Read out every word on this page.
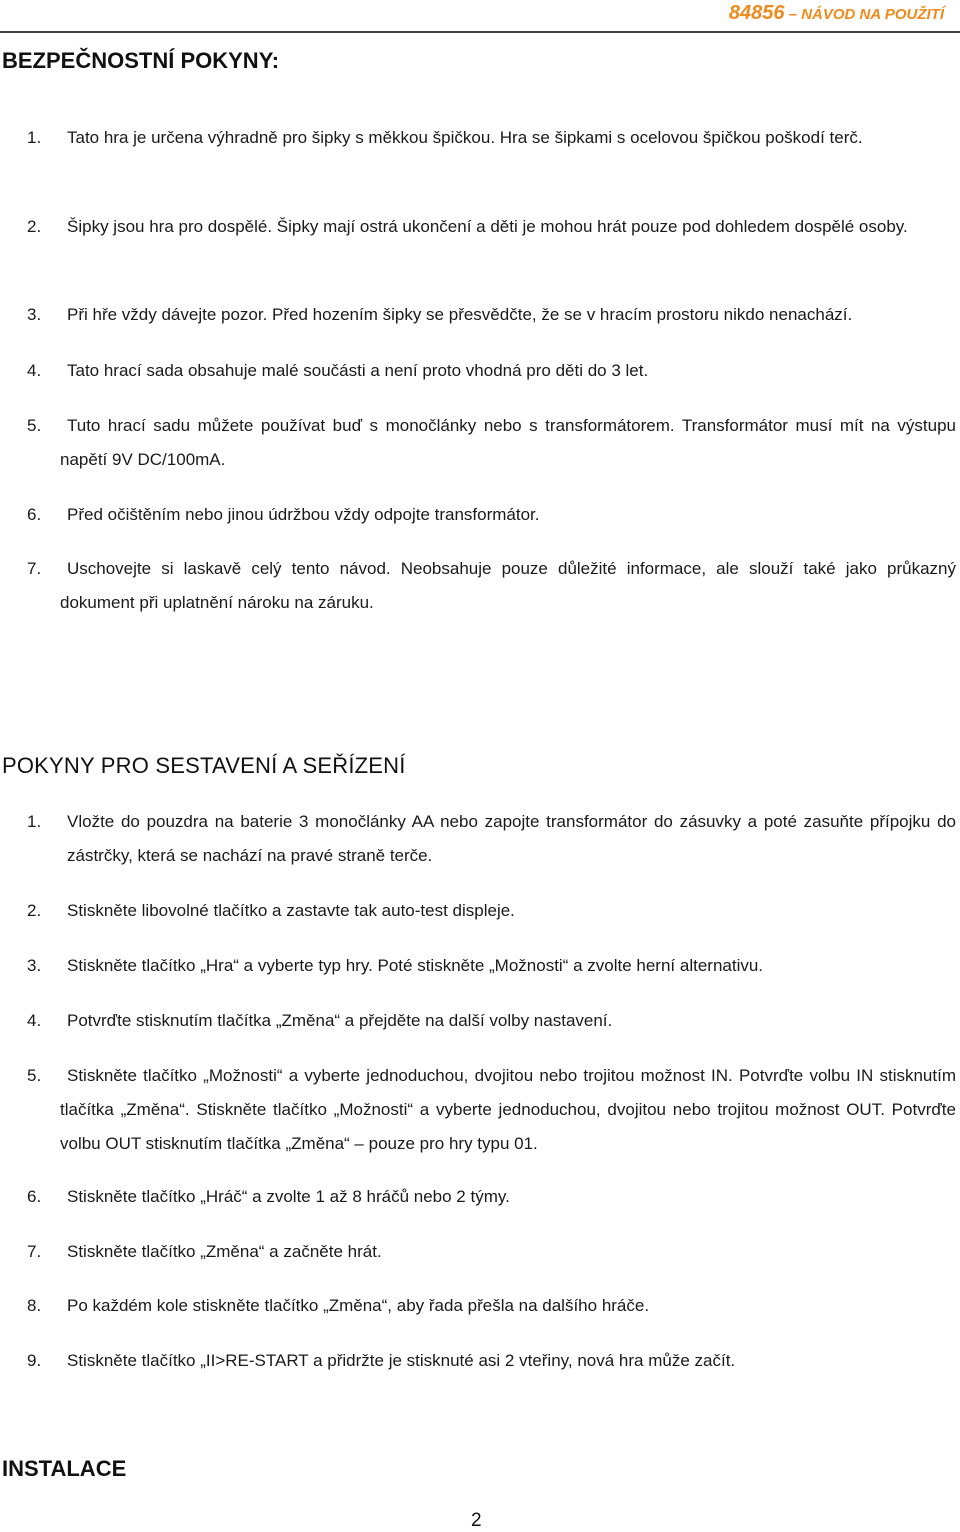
84856 – NÁVOD NA POUŽITÍ
BEZPEČNOSTNÍ POKYNY:
1.	Tato hra je určena výhradně pro šipky s měkkou špičkou. Hra se šipkami s ocelovou špičkou poškodí terč.
2.	Šipky jsou hra pro dospělé. Šipky mají ostrá ukončení a děti je mohou hrát pouze pod dohledem dospělé osoby.
3.	Při hře vždy dávejte pozor. Před hozením šipky se přesvědčte, že se v hracím prostoru nikdo nenachází.
4.	Tato hrací sada obsahuje malé součásti a není proto vhodná pro děti do 3 let.
5.	Tuto hrací sadu můžete používat buď s monočlánky nebo s transformátorem. Transformátor musí mít na výstupu napětí 9V DC/100mA.
6.	Před očištěním nebo jinou údržbou vždy odpojte transformátor.
7.	Uschovejte si laskavě celý tento návod. Neobsahuje pouze důležité informace, ale slouží také jako průkazný dokument při uplatnění nároku na záruku.
POKYNY PRO SESTAVENÍ A SEŘÍZENÍ
1.	Vložte do pouzdra na baterie 3 monočlánky AA nebo zapojte transformátor do zásuvky a poté zasuňte přípojku do zástrčky, která se nachází na pravé straně terče.
2.	Stiskněte libovolné tlačítko a zastavte tak auto-test displeje.
3.	Stiskněte tlačítko „Hra“ a vyberte typ hry. Poté stiskněte „Možnosti“ a zvolte herní alternativu.
4.	Potvrďte stisknutím tlačítka „Změna“ a přejděte na další volby nastavení.
5.	Stiskněte tlačítko „Možnosti“ a vyberte jednoduchou, dvojitou nebo trojitou možnost IN. Potvrďte volbu IN stisknutím tlačítka „Změna“. Stiskněte tlačítko „Možnosti“ a vyberte jednoduchou, dvojitou nebo trojitou možnost OUT. Potvrďte volbu OUT stisknutím tlačítka „Změna“ – pouze pro hry typu 01.
6.	Stiskněte tlačítko „Hráč“ a zvolte 1 až 8 hráčů nebo 2 týmy.
7.	Stiskněte tlačítko „Změna“ a začněte hrát.
8.	Po každém kole stiskněte tlačítko „Změna“, aby řada přešla na dalšího hráče.
9.	Stiskněte tlačítko „II>RE-START a přidržte je stisknuté asi 2 vteřiny, nová hra může začít.
INSTALACE
2
